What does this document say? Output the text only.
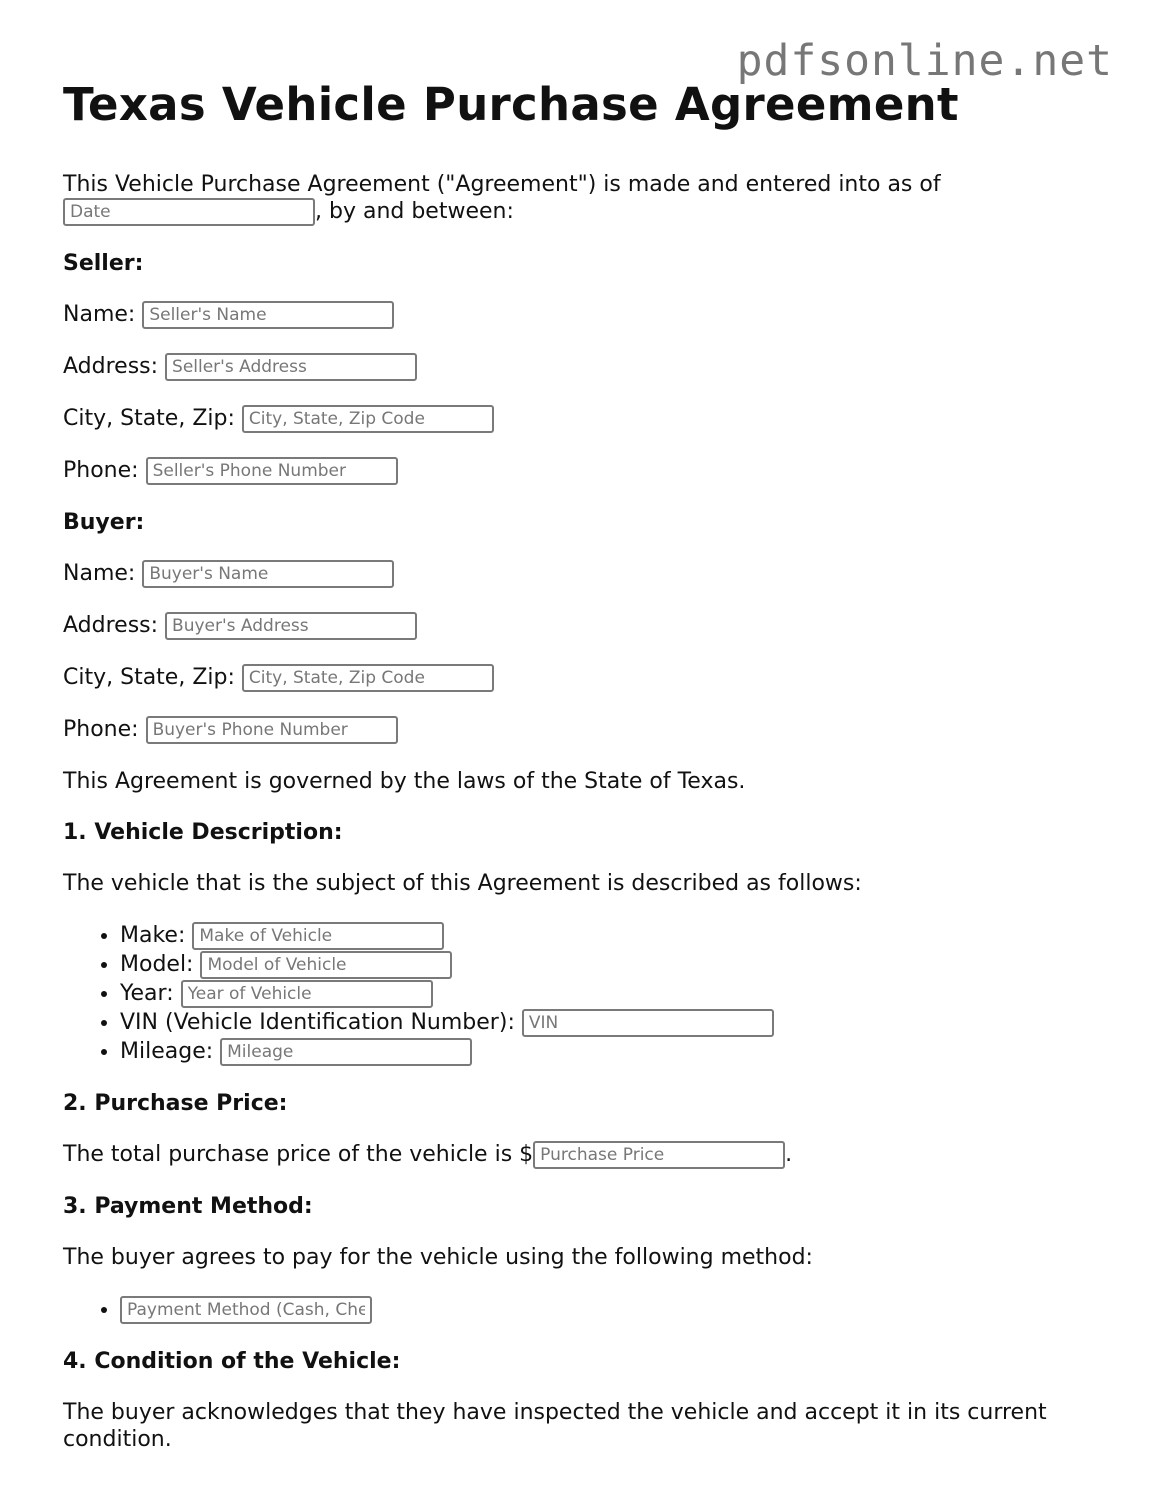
pdfsonline.net
Texas Vehicle Purchase Agreement

This Vehicle Purchase Agreement ("Agreement") is made and entered into as of
Date, by and between:

Seller:

Name: Seller's Name

Address: Seller's Address

City, State, Zip: City, State, Zip Code

Phone: Seller's Phone Number

Buyer:

Name: Buyer's Name

Address: Buyer's Address

City, State, Zip: City, State, Zip Code

Phone: Buyer's Phone Number

This Agreement is governed by the laws of the State of Texas.

1. Vehicle Description:

The vehicle that is the subject of this Agreement is described as follows:

• Make: Make of Vehicle
• Model: Model of Vehicle
• Year: Year of Vehicle
• VIN (Vehicle Identification Number): VIN
• Mileage: Mileage

2. Purchase Price:

The total purchase price of the vehicle is $Purchase Price	.

3. Payment Method:

The buyer agrees to pay for the vehicle using the following method:

• Payment Method (Cash, Check, etc.)

4. Condition of the Vehicle:

The buyer acknowledges that they have inspected the vehicle and accept it in its current condition.
